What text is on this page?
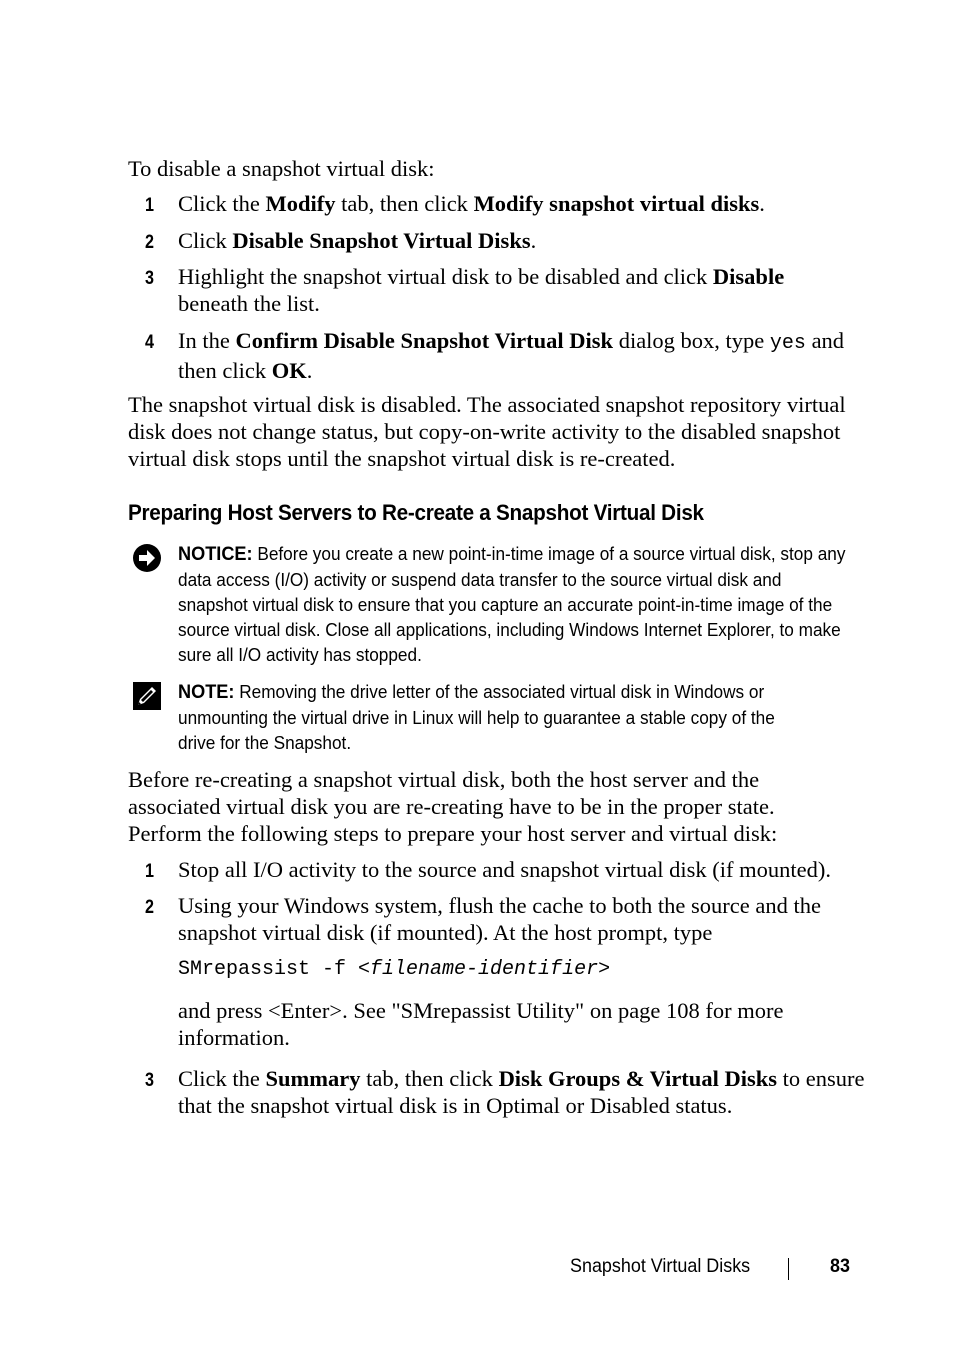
To disable a snapshot virtual disk:

1 Click the Modify tab, then click Modify snapshot virtual disks.

2 Click Disable Snapshot Virtual Disks.

3 Highlight the snapshot virtual disk to be disabled and click Disable beneath the list.

4 In the Confirm Disable Snapshot Virtual Disk dialog box, type yes and then click OK.

The snapshot virtual disk is disabled. The associated snapshot repository virtual disk does not change status, but copy-on-write activity to the disabled snapshot virtual disk stops until the snapshot virtual disk is re-created.

Preparing Host Servers to Re-create a Snapshot Virtual Disk
NOTICE: Before you create a new point-in-time image of a source virtual disk, stop any data access (I/O) activity or suspend data transfer to the source virtual disk and snapshot virtual disk to ensure that you capture an accurate point-in-time image of the source virtual disk. Close all applications, including Windows Internet Explorer, to make sure all I/O activity has stopped.
NOTE: Removing the drive letter of the associated virtual disk in Windows or unmounting the virtual drive in Linux will help to guarantee a stable copy of the drive for the Snapshot.

Before re-creating a snapshot virtual disk, both the host server and the associated virtual disk you are re-creating have to be in the proper state. Perform the following steps to prepare your host server and virtual disk:

1 Stop all I/O activity to the source and snapshot virtual disk (if mounted).

2 Using your Windows system, flush the cache to both the source and the snapshot virtual disk (if mounted). At the host prompt, type

SMrepassist -f <filename-identifier>

and press <Enter>. See "SMrepassist Utility" on page 108 for more information.

3 Click the Summary tab, then click Disk Groups & Virtual Disks to ensure that the snapshot virtual disk is in Optimal or Disabled status.

Snapshot Virtual Disks	83
